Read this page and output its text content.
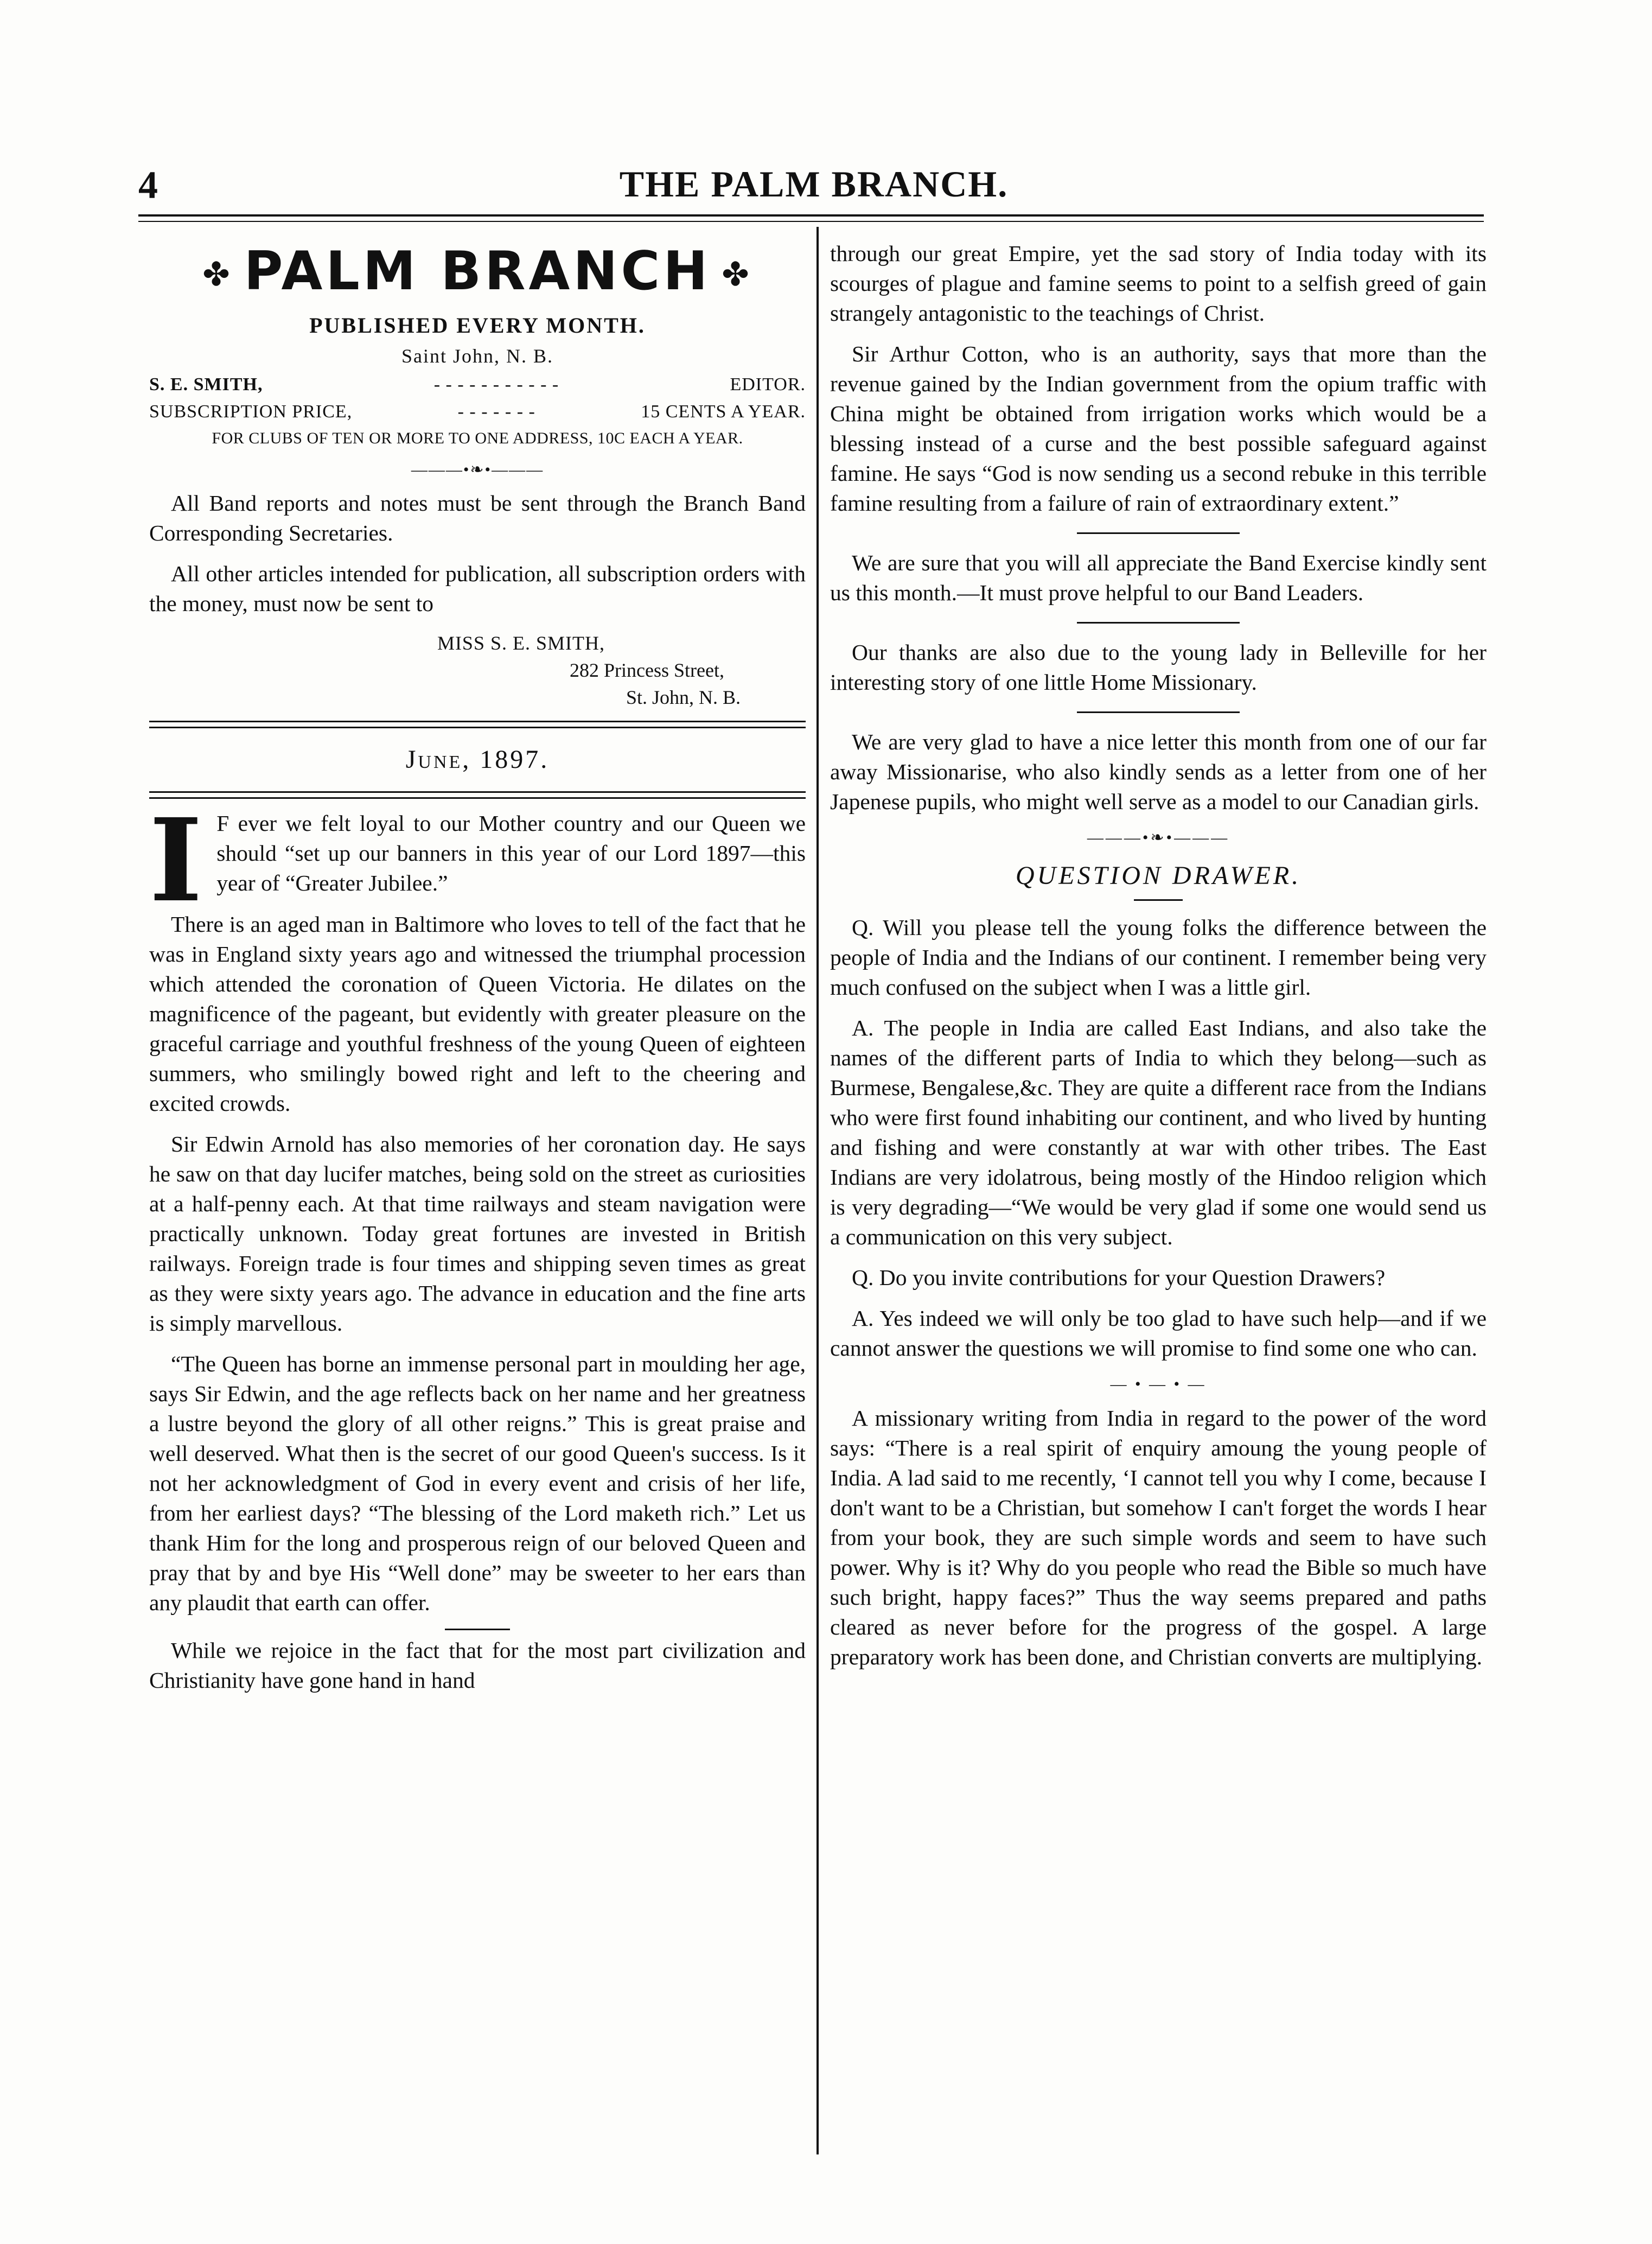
4	THE PALM BRANCH.
✤ PALM BRANCH ✤
PUBLISHED EVERY MONTH.
Saint John, N. B.
S. E. SMITH,	- - - - - - - - - - -	EDITOR.
SUBSCRIPTION PRICE,	- - - - - - -	15 CENTS A YEAR.
FOR CLUBS OF TEN OR MORE TO ONE ADDRESS, 10C EACH A YEAR.
———•❧•———

All Band reports and notes must be sent through the Branch Band Corresponding Secretaries.

All other articles intended for publication, all subscription orders with the money, must now be sent to

MISS S. E. SMITH,
282 Princess Street,
St. John, N. B.
June, 1897.

I F ever we felt loyal to our Mother country and our Queen we should “set up our banners in this year of our Lord 1897—this year of “Greater Jubilee.”

There is an aged man in Baltimore who loves to tell of the fact that he was in England sixty years ago and witnessed the triumphal procession which attended the coronation of Queen Victoria. He dilates on the magnificence of the pageant, but evidently with greater pleasure on the graceful carriage and youthful freshness of the young Queen of eighteen summers, who smilingly bowed right and left to the cheering and excited crowds.

Sir Edwin Arnold has also memories of her coronation day. He says he saw on that day lucifer matches, being sold on the street as curiosities at a half-penny each. At that time railways and steam navigation were practically unknown. Today great fortunes are invested in British railways. Foreign trade is four times and shipping seven times as great as they were sixty years ago. The advance in education and the fine arts is simply marvellous.

“The Queen has borne an immense personal part in moulding her age, says Sir Edwin, and the age reflects back on her name and her greatness a lustre beyond the glory of all other reigns.” This is great praise and well deserved. What then is the secret of our good Queen's success. Is it not her acknowledgment of God in every event and crisis of her life, from her earliest days? “The blessing of the Lord maketh rich.” Let us thank Him for the long and prosperous reign of our beloved Queen and pray that by and bye His “Well done” may be sweeter to her ears than any plaudit that earth can offer.

While we rejoice in the fact that for the most part civilization and Christianity have gone hand in hand

through our great Empire, yet the sad story of India today with its scourges of plague and famine seems to point to a selfish greed of gain strangely antagonistic to the teachings of Christ.

Sir Arthur Cotton, who is an authority, says that more than the revenue gained by the Indian government from the opium traffic with China might be obtained from irrigation works which would be a blessing instead of a curse and the best possible safeguard against famine. He says “God is now sending us a second rebuke in this terrible famine resulting from a failure of rain of extraordinary extent.”

We are sure that you will all appreciate the Band Exercise kindly sent us this month.—It must prove helpful to our Band Leaders.

Our thanks are also due to the young lady in Belleville for her interesting story of one little Home Missionary.

We are very glad to have a nice letter this month from one of our far away Missionarise, who also kindly sends as a letter from one of her Japenese pupils, who might well serve as a model to our Canadian girls.

———•❧•———
QUESTION DRAWER.

Q. Will you please tell the young folks the difference between the people of India and the Indians of our continent. I remember being very much confused on the subject when I was a little girl.

A. The people in India are called East Indians, and also take the names of the different parts of India to which they belong—such as Burmese, Bengalese,&c. They are quite a different race from the Indians who were first found inhabiting our continent, and who lived by hunting and fishing and were constantly at war with other tribes. The East Indians are very idolatrous, being mostly of the Hindoo religion which is very degrading—“We would be very glad if some one would send us a communication on this very subject.

Q. Do you invite contributions for your Question Drawers?

A. Yes indeed we will only be too glad to have such help—and if we cannot answer the questions we will promise to find some one who can.

— • — • —

A missionary writing from India in regard to the power of the word says: “There is a real spirit of enquiry amoung the young people of India. A lad said to me recently, ‘I cannot tell you why I come, because I don't want to be a Christian, but somehow I can't forget the words I hear from your book, they are such simple words and seem to have such power. Why is it? Why do you people who read the Bible so much have such bright, happy faces?” Thus the way seems prepared and paths cleared as never before for the progress of the gospel. A large preparatory work has been done, and Christian converts are multiplying.
